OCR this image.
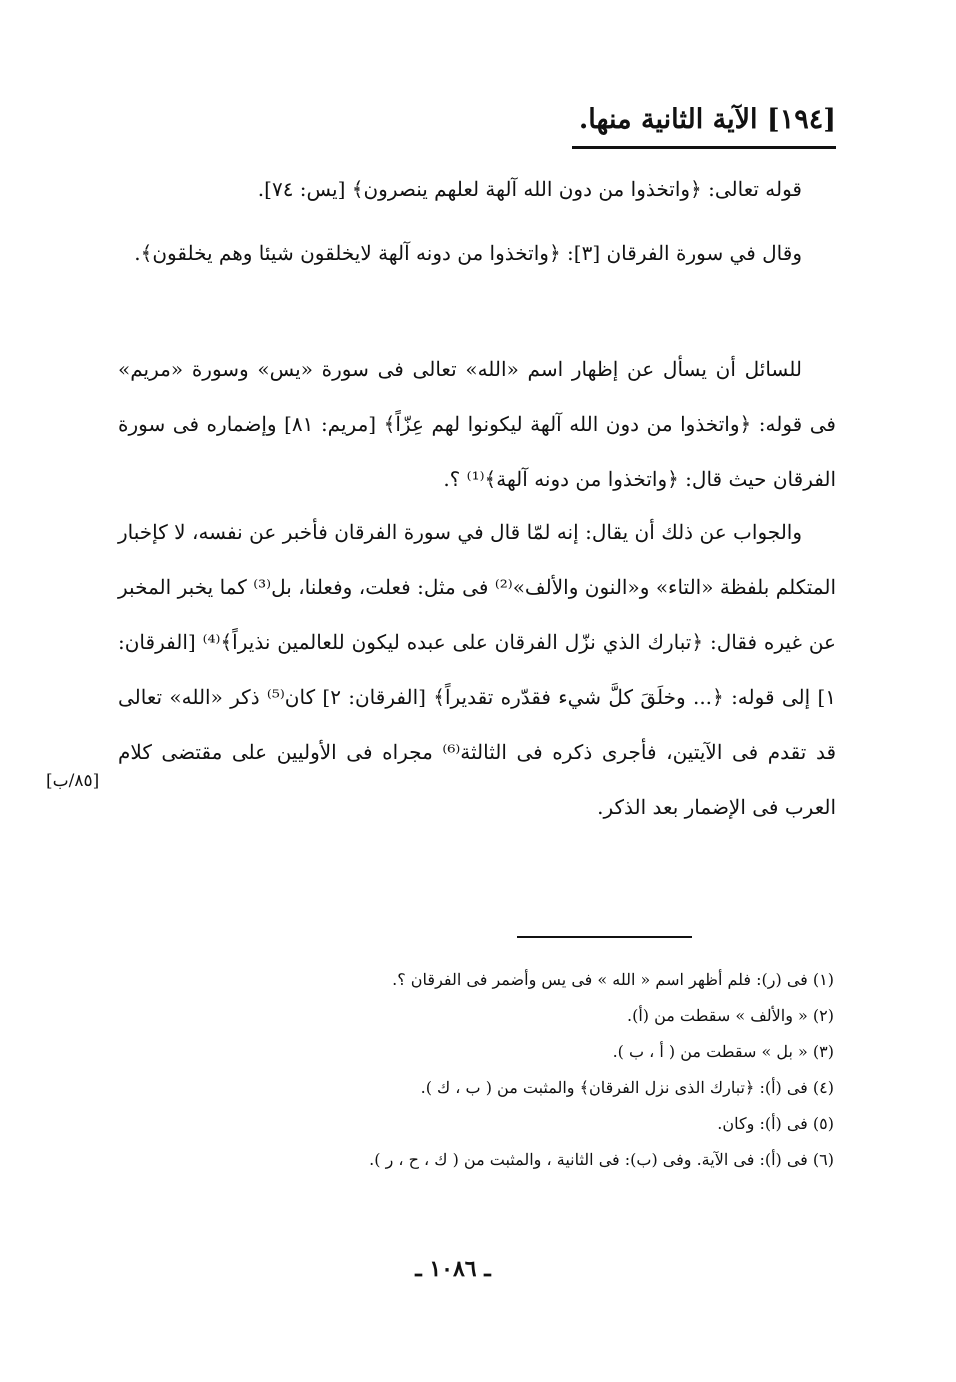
[١٩٤] الآية الثانية منها.

قوله تعالى: ﴿واتخذوا من دون الله آلهة لعلهم ينصرون﴾ [يس: ٧٤].

وقال في سورة الفرقان [٣]: ﴿واتخذوا من دونه آلهة لايخلقون شيئا وهم يخلقون﴾.

للسائل أن يسأل عن إظهار اسم «الله» تعالى فى سورة «يس» وسورة «مريم» فى قوله: ﴿واتخذوا من دون الله آلهة ليكونوا لهم عِزّاً﴾ [مريم: ٨١] وإضماره فى سورة الفرقان حيث قال: ﴿واتخذوا من دونه آلهة﴾⁽¹⁾ ؟.

والجواب عن ذلك أن يقال: إنه لمّا قال في سورة الفرقان فأخبر عن نفسه، لا كإخبار المتكلم بلفظة «التاء» و«النون والألف»⁽²⁾ فى مثل: فعلت، وفعلنا، بل⁽³⁾ كما يخبر المخبر عن غيره فقال: ﴿تبارك الذي نزّل الفرقان على عبده ليكون للعالمين نذيراً﴾⁽⁴⁾ [الفرقان: ١] إلى قوله: ﴿... وخلَقَ كلَّ شيء فقدّره تقديراً﴾ [الفرقان: ٢] كان⁽⁵⁾ ذكر «الله» تعالى قد تقدم فى الآيتين، فأجرى ذكره فى الثالثة⁽⁶⁾ مجراه فى الأوليين على مقتضى كلام العرب فى الإضمار بعد الذكر.

[٨٥/ب]
(١) فى (ر): فلم أظهر اسم « الله » فى يس وأضمر فى الفرقان ؟.
(٢) « والألف » سقطت من (أ).
(٣) « بل » سقطت من ( أ ، ب ).
(٤) فى (أ): ﴿تبارك الذى نزل الفرقان﴾ والمثبت من ( ب ، ك ).
(٥) فى (أ): وكان.
(٦) فى (أ): فى الآية. وفى (ب): فى الثانية ، والمثبت من ( ك ، ح ، ر ).
ـ ١٠٨٦ ـ
